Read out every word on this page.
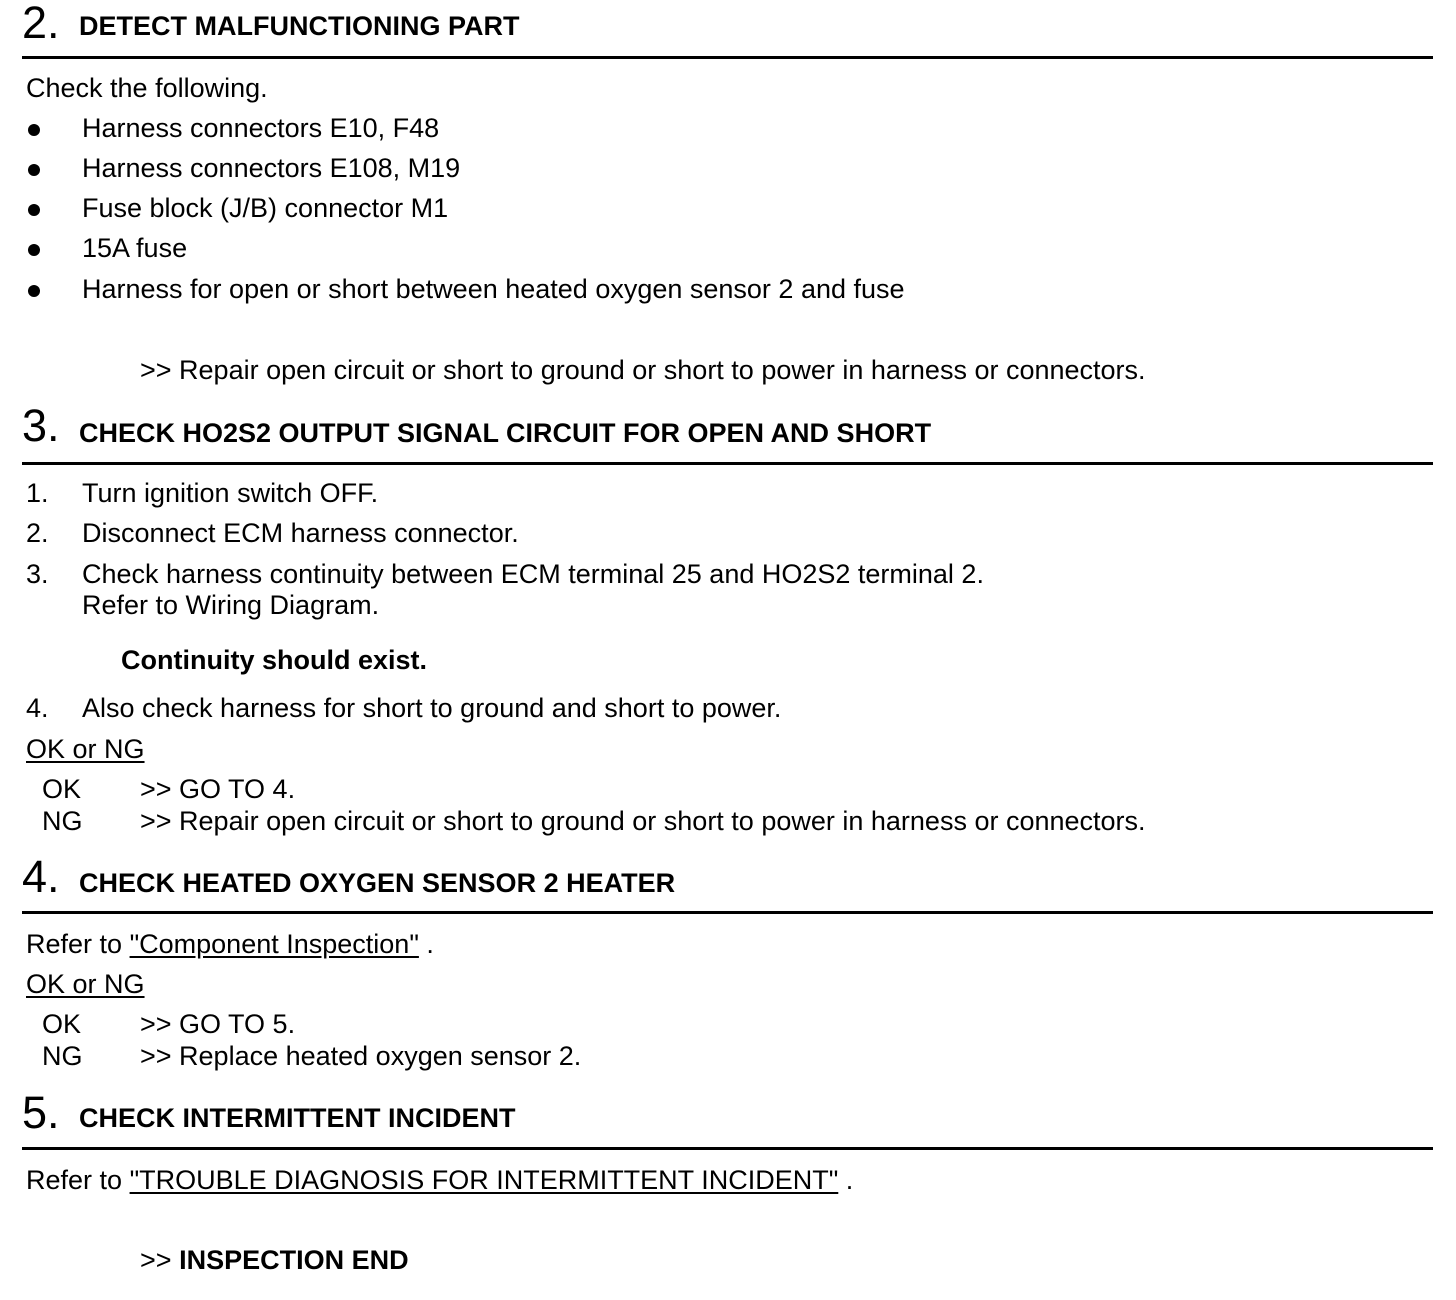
2. DETECT MALFUNCTIONING PART
Check the following.
Harness connectors E10, F48
Harness connectors E108, M19
Fuse block (J/B) connector M1
15A fuse
Harness for open or short between heated oxygen sensor 2 and fuse
>> Repair open circuit or short to ground or short to power in harness or connectors.
3. CHECK HO2S2 OUTPUT SIGNAL CIRCUIT FOR OPEN AND SHORT
1. Turn ignition switch OFF.
2. Disconnect ECM harness connector.
3. Check harness continuity between ECM terminal 25 and HO2S2 terminal 2.
Refer to Wiring Diagram.
Continuity should exist.
4. Also check harness for short to ground and short to power.
OK or NG
OK >> GO TO 4.
NG >> Repair open circuit or short to ground or short to power in harness or connectors.
4. CHECK HEATED OXYGEN SENSOR 2 HEATER
Refer to "Component Inspection" .
OK or NG
OK >> GO TO 5.
NG >> Replace heated oxygen sensor 2.
5. CHECK INTERMITTENT INCIDENT
Refer to "TROUBLE DIAGNOSIS FOR INTERMITTENT INCIDENT" .
>> INSPECTION END
